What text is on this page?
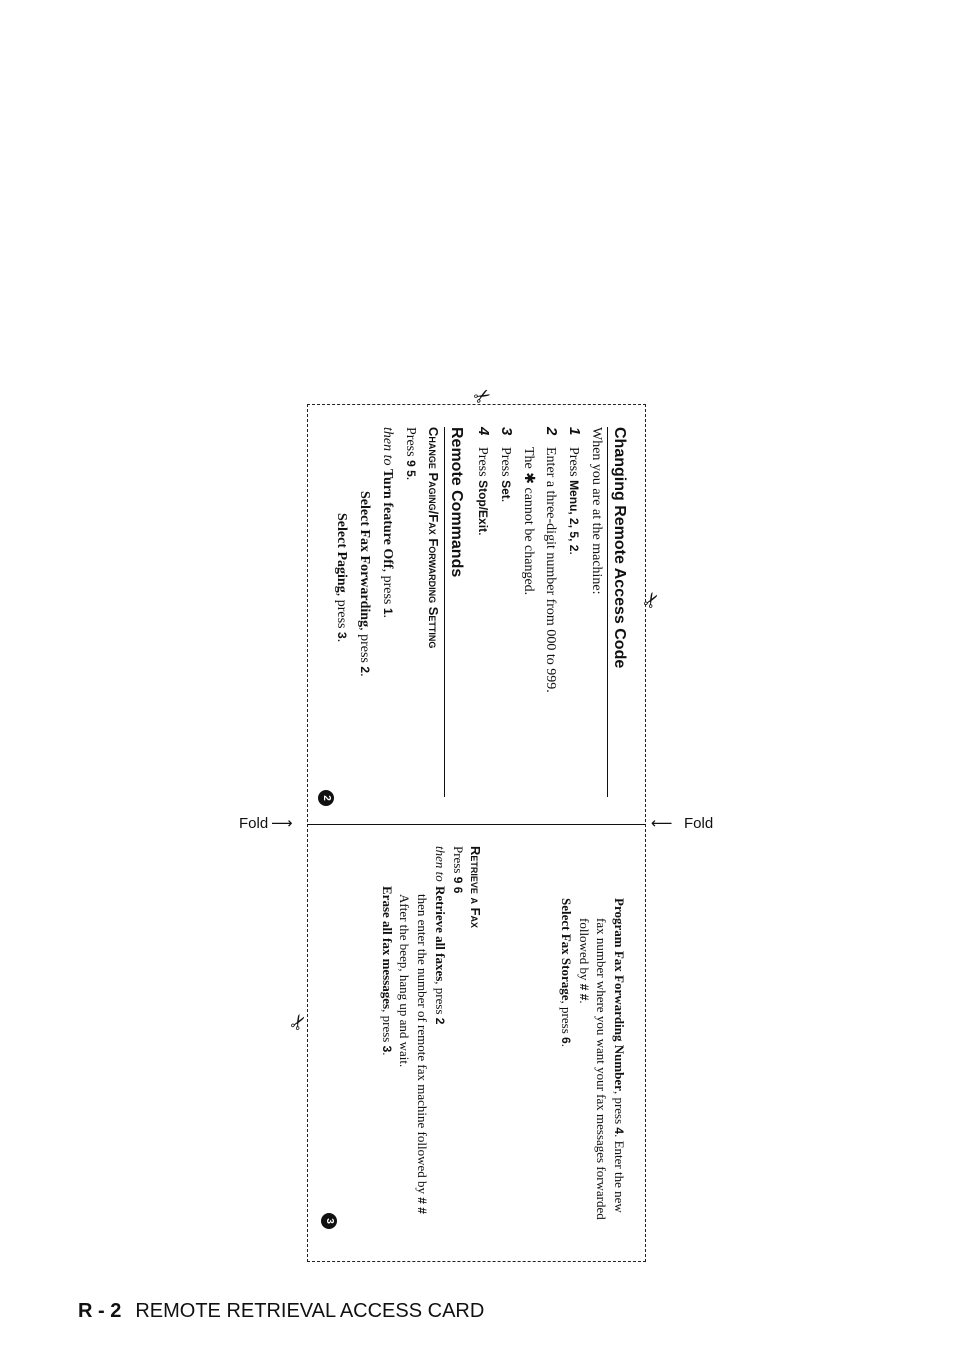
Fold ⟶	⟵ Fold
✂
✂
✂
Changing Remote Access Code
When you are at the machine:
1Press Menu, 2, 5, 2.
2Enter a three-digit number from 000 to 999.
The ✱ cannot be changed.
3Press Set.
4Press Stop/Exit.
Remote Commands
Change Paging/Fax Forwarding Setting
Press 9 5.
then toTurn feature Off, press 1.
Select Fax Forwarding, press 2.
Select Paging, press 3.
2
Program Fax Forwarding Number, press 4. Enter the new
fax number where you want your fax messages forwarded
followed by # #.
Select Fax Storage, press 6.
Retrieve a Fax
Press 9 6
then toRetrieve all faxes, press 2
then enter the number of remote fax machine followed by # #
After the beep, hang up and wait.
Erase all fax messages, press 3.
3
R - 2 REMOTE RETRIEVAL ACCESS CARD
